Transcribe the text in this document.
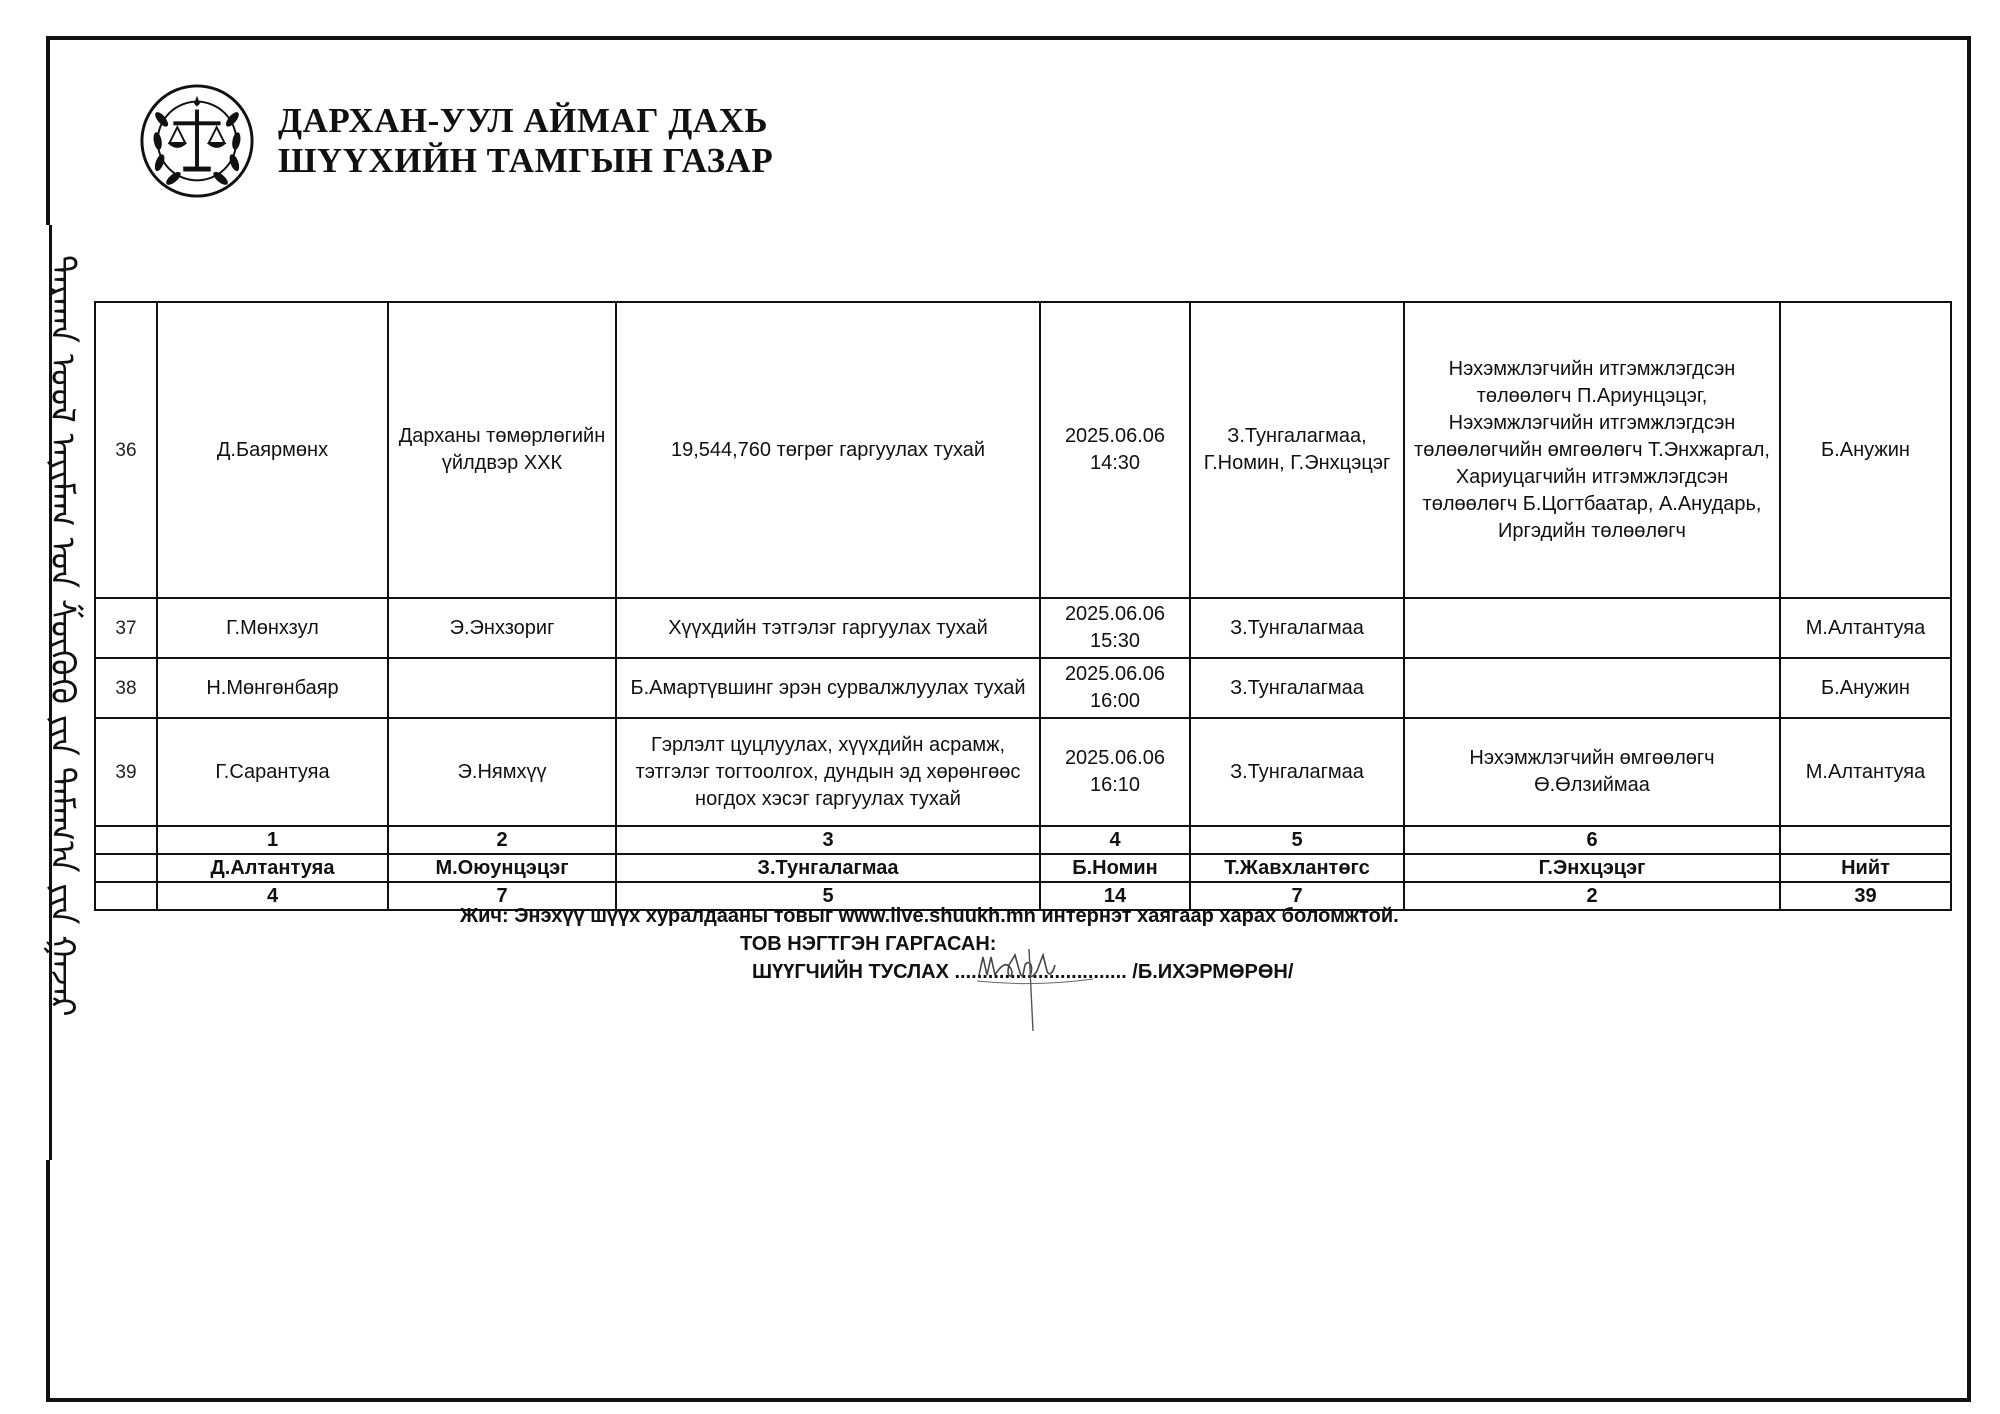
ᠳᠠᠷᠬᠠᠨ ᠤᠤᠯ ᠠᠶᠢᠮᠠᠭ ᠤᠨ ᠱᠦᠭᠦᠬᠦ ᠶᠢᠨ ᠲᠠᠮᠠᠭ᠎ᠠ ᠶᠢᠨ ᠭᠠᠵᠠᠷ
ДАРХАН-УУЛ АЙМАГ ДАХЬ
ШҮҮХИЙН ТАМГЫН ГАЗАР
36	Д.Баярмөнх	Дарханы төмөрлөгийн үйлдвэр ХХК	19,544,760 төгрөг гаргуулах тухай	2025.06.06
14:30	З.Тунгалагмаа, Г.Номин, Г.Энхцэцэг	Нэхэмжлэгчийн итгэмжлэгдсэн төлөөлөгч П.Ариунцэцэг, Нэхэмжлэгчийн итгэмжлэгдсэн төлөөлөгчийн өмгөөлөгч Т.Энхжаргал, Хариуцагчийн итгэмжлэгдсэн төлөөлөгч Б.Цогтбаатар, А.Анударь, Иргэдийн төлөөлөгч	Б.Анужин
37	Г.Мөнхзул	Э.Энхзориг	Хүүхдийн тэтгэлэг гаргуулах тухай	2025.06.06
15:30	З.Тунгалагмаа		М.Алтантуяа
38	Н.Мөнгөнбаяр		Б.Амартүвшинг эрэн сурвалжлуулах тухай	2025.06.06
16:00	З.Тунгалагмаа		Б.Анужин
39	Г.Сарантуяа	Э.Нямхүү	Гэрлэлт цуцлуулах, хүүхдийн асрамж, тэтгэлэг тогтоолгох, дундын эд хөрөнгөөс ногдох хэсэг гаргуулах тухай	2025.06.06
16:10	З.Тунгалагмаа	Нэхэмжлэгчийн өмгөөлөгч Ө.Өлзиймаа	М.Алтантуяа
	1	2	3	4	5	6	
	Д.Алтантуяа	М.Оюунцэцэг	З.Тунгалагмаа	Б.Номин	Т.Жавхлантөгс	Г.Энхцэцэг	Нийт
	4	7	5	14	7	2	39
Жич: Энэхүү шүүх хуралдааны товыг www.live.shuukh.mn интернэт хаягаар харах боломжтой.
ТОВ НЭГТГЭН ГАРГАСАН:
ШҮҮГЧИЙН ТУСЛАХ ............................... /Б.ИХЭРМӨРӨН/
